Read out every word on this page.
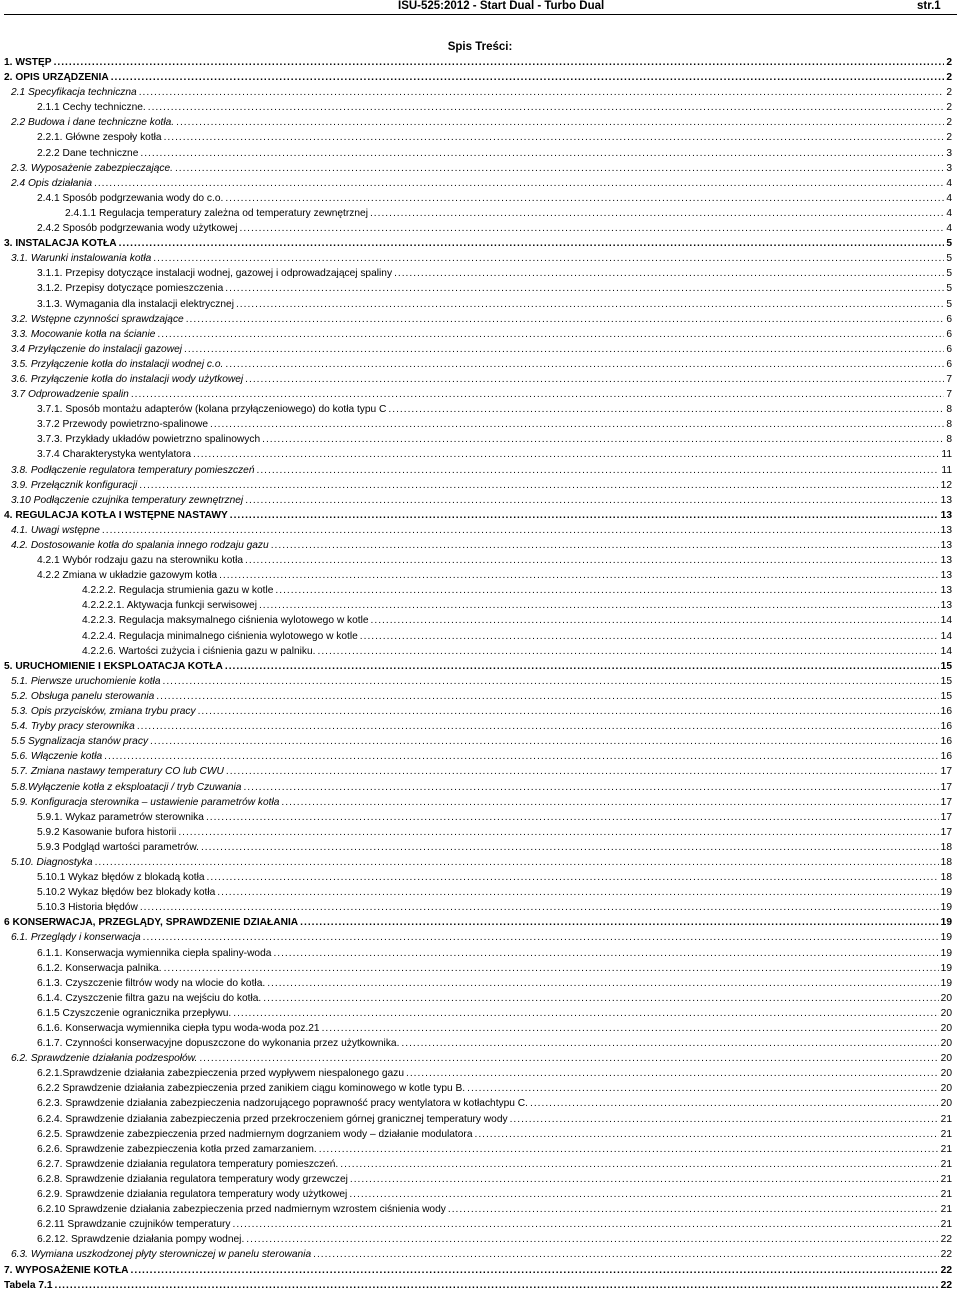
ISU-525:2012 - Start Dual - Turbo Dual	str.1
Spis Treści:
1. WSTĘP .....	2
2. OPIS URZĄDZENIA .....	2
2.1 Specyfikacja techniczna .....	2
2.1.1 Cechy techniczne. .....	2
2.2 Budowa i dane techniczne kotła. .....	2
2.2.1. Główne zespoły kotła .....	2
2.2.2 Dane techniczne .....	3
2.3. Wyposażenie zabezpieczające. .....	3
2.4 Opis działania .....	4
2.4.1 Sposób podgrzewania wody do c.o. .....	4
2.4.1.1 Regulacja temperatury zależna od temperatury zewnętrznej .....	4
2.4.2 Sposób podgrzewania wody użytkowej .....	4
3. INSTALACJA KOTŁA .....	5
3.1. Warunki instalowania kotła .....	5
3.1.1. Przepisy dotyczące instalacji wodnej, gazowej i odprowadzającej spaliny .....	5
3.1.2. Przepisy dotyczące pomieszczenia .....	5
3.1.3. Wymagania dla instalacji elektrycznej .....	5
3.2. Wstępne czynności sprawdzające .....	6
3.3. Mocowanie kotła na ścianie .....	6
3.4 Przyłączenie do instalacji gazowej .....	6
3.5. Przyłączenie kotła do instalacji wodnej c.o. .....	6
3.6. Przyłączenie kotła do instalacji wody użytkowej .....	7
3.7 Odprowadzenie spalin .....	7
3.7.1. Sposób montażu adapterów (kolana przyłączeniowego) do kotła typu C .....	8
3.7.2 Przewody powietrzno-spalinowe .....	8
3.7.3. Przykłady układów powietrzno spalinowych .....	8
3.7.4 Charakterystyka wentylatora .....	11
3.8. Podłączenie regulatora temperatury pomieszczeń .....	11
3.9. Przełącznik konfiguracji .....	12
3.10 Podłączenie czujnika temperatury zewnętrznej .....	13
4. REGULACJA KOTŁA I WSTĘPNE NASTAWY .....	13
4.1. Uwagi wstępne .....	13
4.2. Dostosowanie kotła do spalania innego rodzaju gazu .....	13
4.2.1 Wybór rodzaju gazu na sterowniku kotła .....	13
4.2.2 Zmiana w układzie gazowym kotła .....	13
4.2.2.2. Regulacja strumienia gazu w kotle .....	13
4.2.2.2.1. Aktywacja funkcji serwisowej .....	13
4.2.2.3. Regulacja maksymalnego ciśnienia wylotowego w kotle .....	14
4.2.2.4. Regulacja minimalnego ciśnienia wylotowego w kotle .....	14
4.2.2.6. Wartości zużycia i ciśnienia gazu w palniku. .....	14
5. URUCHOMIENIE I EKSPLOATACJA KOTŁA .....	15
5.1. Pierwsze uruchomienie kotła .....	15
5.2. Obsługa panelu sterowania .....	15
5.3. Opis przycisków, zmiana trybu pracy .....	16
5.4. Tryby pracy sterownika .....	16
5.5 Sygnalizacja stanów pracy .....	16
5.6. Włączenie kotła .....	16
5.7. Zmiana nastawy temperatury CO lub CWU .....	17
5.8.Wyłączenie kotła z eksploatacji / tryb Czuwania .....	17
5.9. Konfiguracja sterownika – ustawienie parametrów kotła .....	17
5.9.1. Wykaz parametrów sterownika .....	17
5.9.2 Kasowanie bufora historii .....	17
5.9.3 Podgląd wartości parametrów. .....	18
5.10. Diagnostyka .....	18
5.10.1 Wykaz błędów z blokadą kotła .....	18
5.10.2 Wykaz błędów bez blokady kotła .....	19
5.10.3 Historia błędów .....	19
6 KONSERWACJA, PRZEGLĄDY, SPRAWDZENIE DZIAŁANIA .....	19
6.1. Przeglądy i konserwacja .....	19
6.1.1. Konserwacja wymiennika ciepła spaliny-woda .....	19
6.1.2. Konserwacja palnika. .....	19
6.1.3. Czyszczenie filtrów wody na wlocie do kotła. .....	19
6.1.4. Czyszczenie filtra gazu na wejściu do kotła. .....	20
6.1.5 Czyszczenie ogranicznika przepływu. .....	20
6.1.6. Konserwacja wymiennika ciepła typu woda-woda poz.21 .....	20
6.1.7. Czynności konserwacyjne dopuszczone do wykonania przez użytkownika. .....	20
6.2. Sprawdzenie działania podzespołów. .....	20
6.2.1.Sprawdzenie działania zabezpieczenia przed wypływem niespalonego gazu .....	20
6.2.2 Sprawdzenie działania zabezpieczenia przed zanikiem ciągu kominowego w kotle typu B. .....	20
6.2.3. Sprawdzenie działania zabezpieczenia nadzorującego poprawność pracy wentylatora w kotłachtypu C. .....	20
6.2.4. Sprawdzenie działania zabezpieczenia przed przekroczeniem górnej granicznej temperatury wody .....	21
6.2.5. Sprawdzenie zabezpieczenia przed nadmiernym dogrzaniem wody – działanie modulatora .....	21
6.2.6. Sprawdzenie zabezpieczenia kotła przed zamarzaniem. .....	21
6.2.7. Sprawdzenie działania regulatora temperatury pomieszczeń. .....	21
6.2.8. Sprawdzenie działania regulatora temperatury wody grzewczej .....	21
6.2.9. Sprawdzenie działania regulatora temperatury wody użytkowej .....	21
6.2.10 Sprawdzenie działania zabezpieczenia przed nadmiernym wzrostem ciśnienia wody .....	21
6.2.11 Sprawdzanie czujników temperatury .....	21
6.2.12. Sprawdzenie działania pompy wodnej. .....	22
6.3. Wymiana uszkodzonej płyty sterowniczej w panelu sterowania .....	22
7. WYPOSAŻENIE KOTŁA .....	22
Tabela 7.1 .....	22
